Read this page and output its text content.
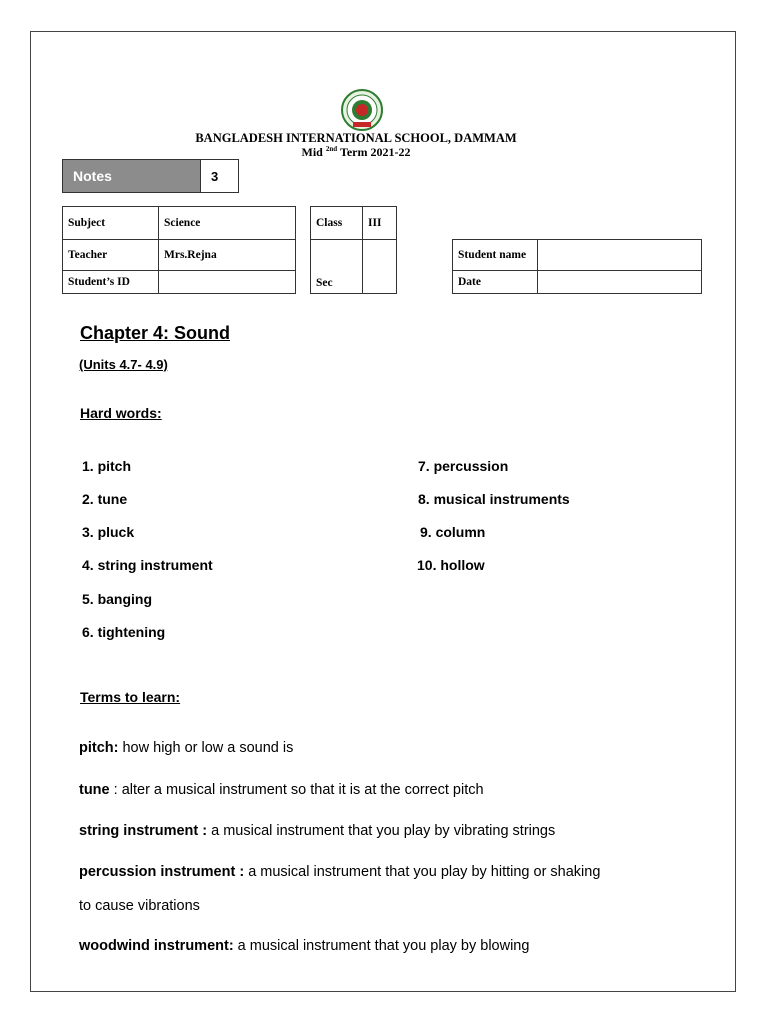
BANGLADESH INTERNATIONAL SCHOOL, DAMMAM
Mid $^{2nd}$ Term 2021-22
Notes	3
Subject	Science
Teacher	Mrs.Rejna
Student’s ID	
Class	III
Sec	
Student name	
Date	
Chapter 4: Sound
(Units 4.7- 4.9)
Hard words:
1. pitch
2. tune
3. pluck
4. string instrument
5. banging
6. tightening
7. percussion
8. musical instruments
9. column
10. hollow
Terms to learn:
pitch: how high or low a sound is
tune : alter a musical instrument so that it is at the correct pitch
string instrument : a musical instrument that you play by vibrating strings
percussion instrument : a musical instrument that you play by hitting or shaking
to cause vibrations
woodwind instrument: a musical instrument that you play by blowing
